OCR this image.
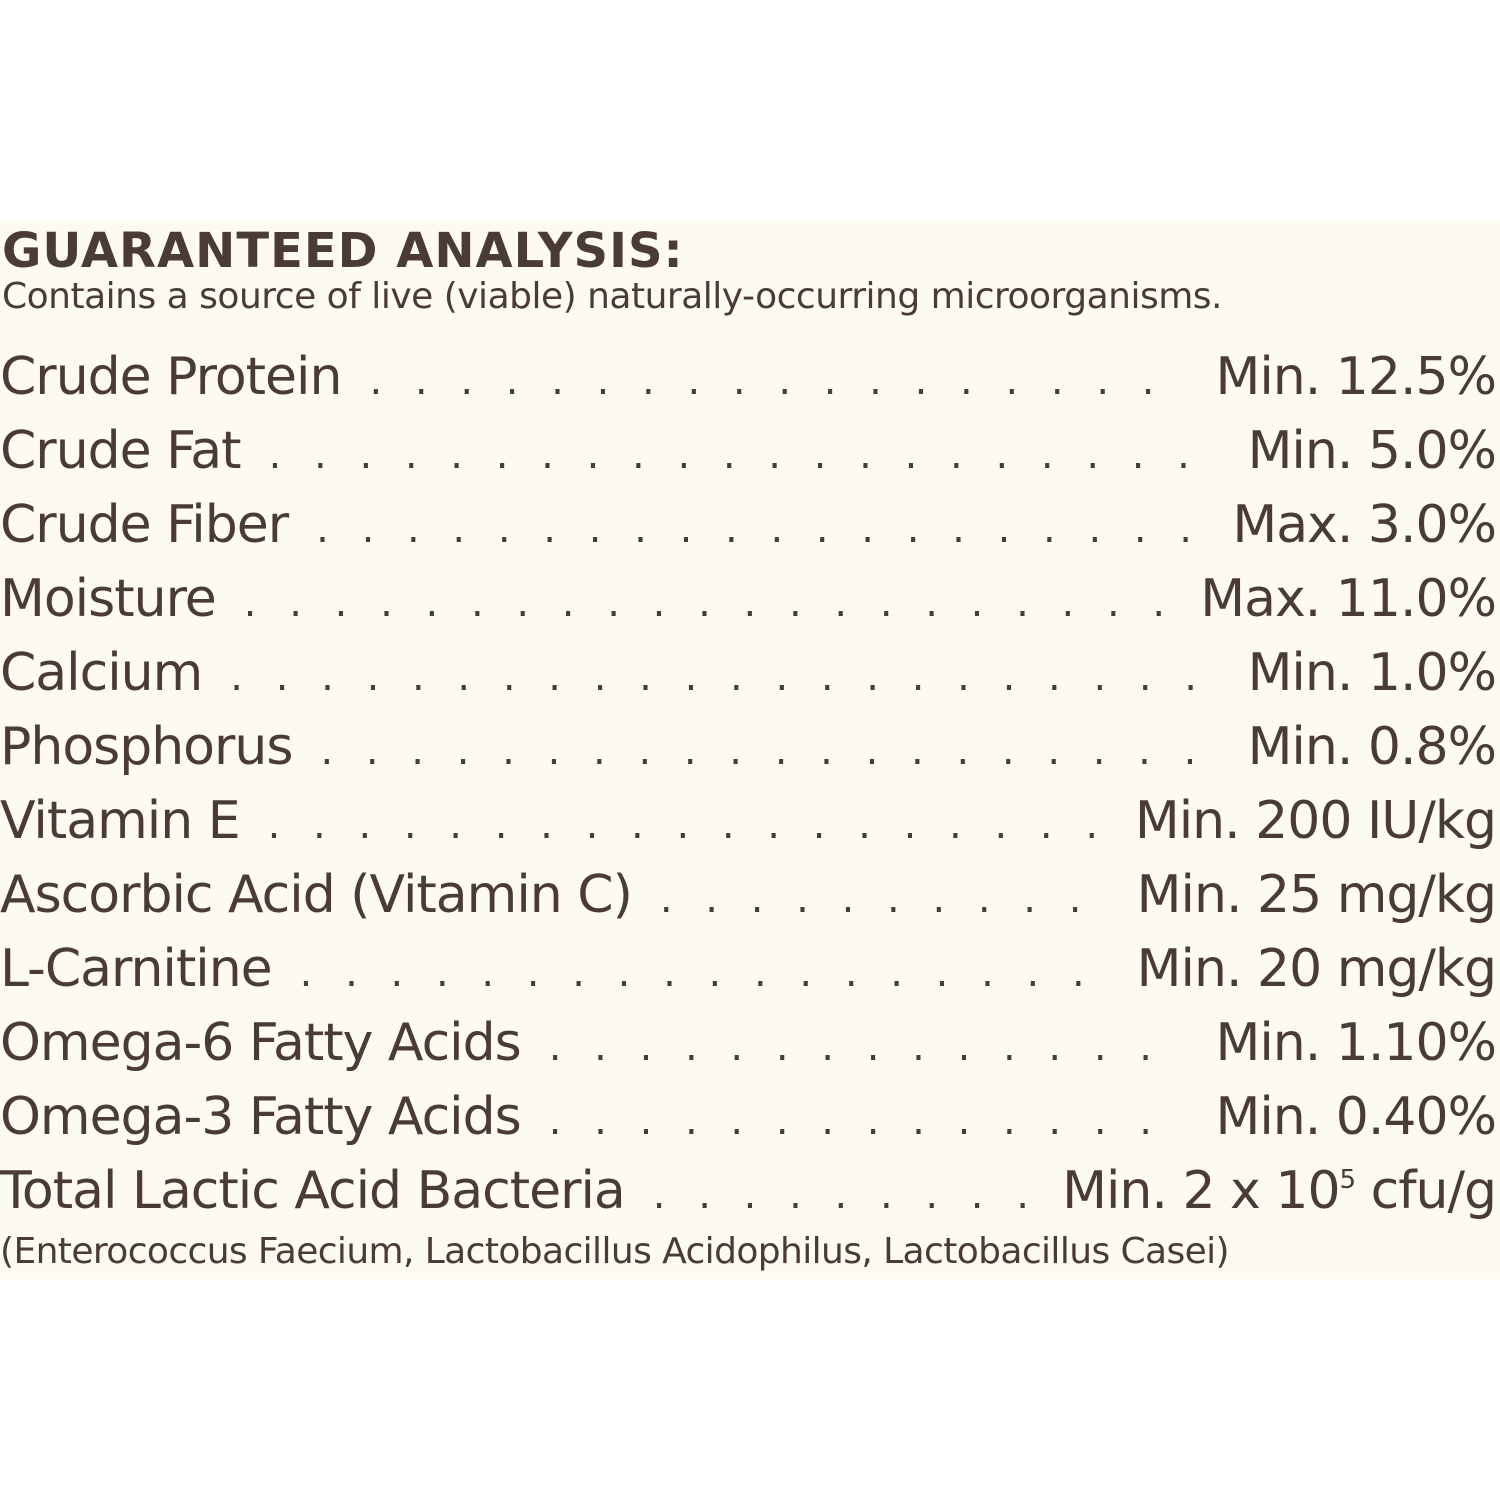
GUARANTEED ANALYSIS:
Contains a source of live (viable) naturally-occurring microorganisms.
Crude Protein . . .	Min. 12.5%
Crude Fat . . .	Min. 5.0%
Crude Fiber . . .	Max. 3.0%
Moisture . . .	Max. 11.0%
Calcium . . .	Min. 1.0%
Phosphorus . . .	Min. 0.8%
Vitamin E . . .	Min. 200 IU/kg
Ascorbic Acid (Vitamin C) . . .	Min. 25 mg/kg
L-Carnitine . . .	Min. 20 mg/kg
Omega-6 Fatty Acids . . .	Min. 1.10%
Omega-3 Fatty Acids . . .	Min. 0.40%
Total Lactic Acid Bacteria . . .	Min. 2 x $10^5$ cfu/g
(Enterococcus Faecium, Lactobacillus Acidophilus, Lactobacillus Casei)
